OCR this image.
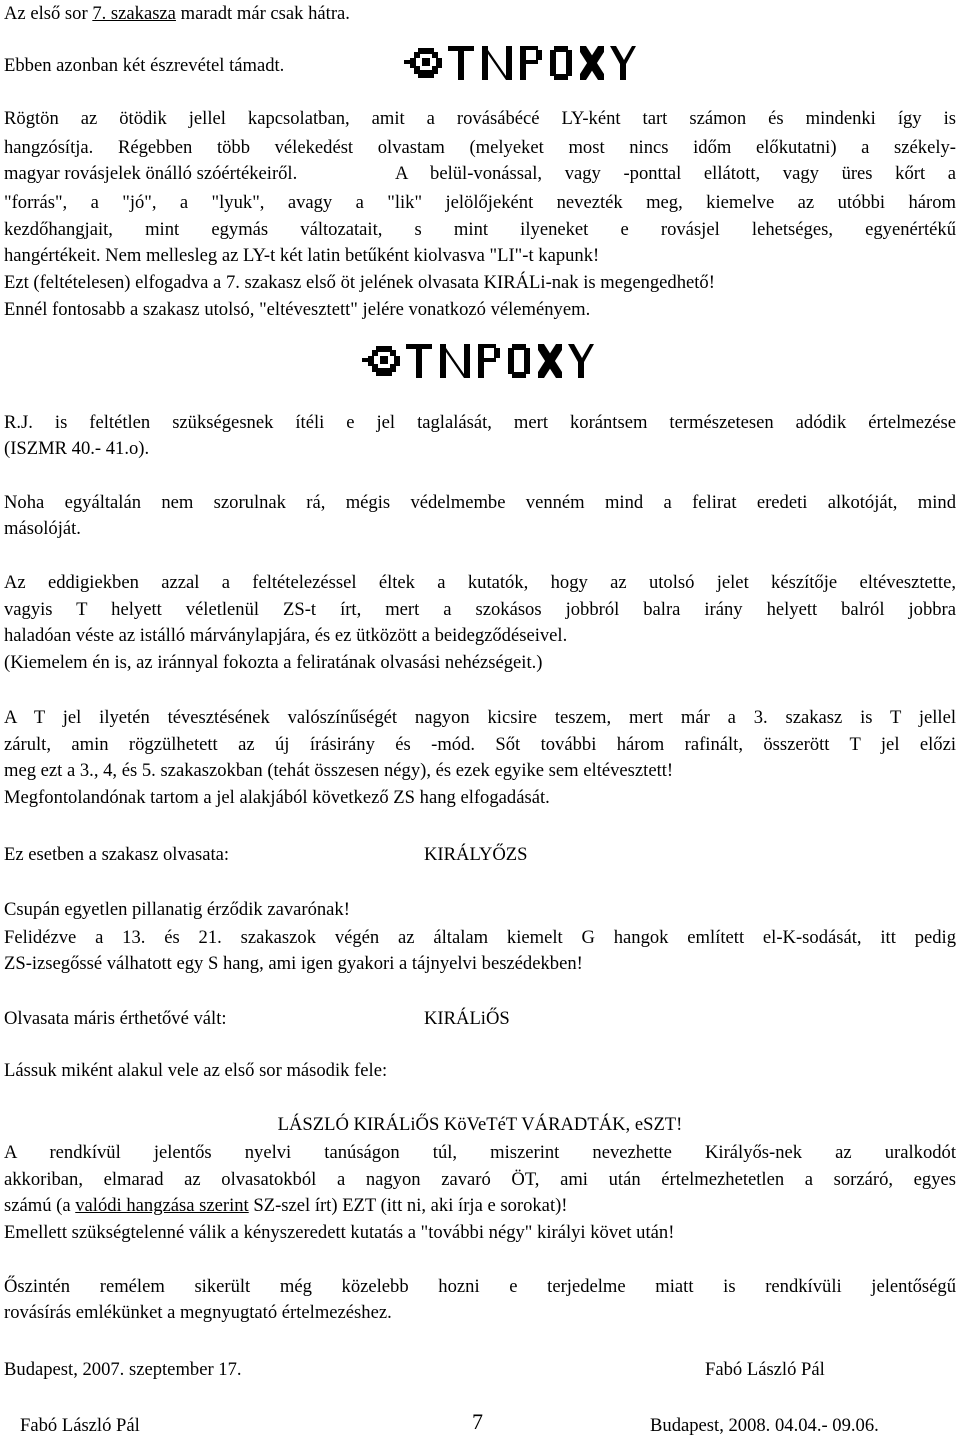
Az első sor 7. szakasza maradt már csak hátra.
Ebben azonban két észrevétel támadt.
Rögtön az ötödik jellel kapcsolatban, amit a rovásábécé LY-ként tart számon és mindenki így is
hangzósítja. Régebben több vélekedést olvastam (melyeket most nincs időm előkutatni) a székely-
magyar rovásjelek önálló szóértékeiről.	A belül-vonással, vagy -ponttal ellátott, vagy üres kőrt a
"forrás", a "jó", a "lyuk", avagy a "lik" jelölőjeként nevezték meg, kiemelve az utóbbi három
kezdőhangjait, mint egymás változatait, s mint ilyeneket e rovásjel lehetséges, egyenértékű
hangértékeit. Nem mellesleg az LY-t két latin betűként kiolvasva "LI"-t kapunk!
Ezt (feltételesen) elfogadva a 7. szakasz első öt jelének olvasata KIRÁLi-nak is megengedhető!
Ennél fontosabb a szakasz utolsó, "eltévesztett" jelére vonatkozó véleményem.
R.J. is feltétlen szükségesnek ítéli e jel taglalását, mert korántsem természetesen adódik értelmezése
(ISZMR 40.- 41.o).
Noha egyáltalán nem szorulnak rá, mégis védelmembe venném mind a felirat eredeti alkotóját, mind
másolóját.
Az eddigiekben azzal a feltételezéssel éltek a kutatók, hogy az utolsó jelet készítője eltévesztette,
vagyis T helyett véletlenül ZS-t írt, mert a szokásos jobbról balra irány helyett balról jobbra
haladóan véste az istálló márványlapjára, és ez ütközött a beidegződéseivel.
(Kiemelem én is, az iránnyal fokozta a feliratának olvasási nehézségeit.)
A T jel ilyetén tévesztésének valószínűségét nagyon kicsire teszem, mert már a 3. szakasz is T jellel
zárult, amin rögzülhetett az új írásirány és -mód. Sőt további három rafinált, összerött T jel előzi
meg ezt a 3., 4, és 5. szakaszokban (tehát összesen négy), és ezek egyike sem eltévesztett!
Megfontolandónak tartom a jel alakjából következő ZS hang elfogadását.
Ez esetben a szakasz olvasata:	KIRÁLYŐZS
Csupán egyetlen pillanatig érződik zavarónak!
Felidézve a 13. és 21. szakaszok végén az általam kiemelt G hangok említett el-K-sodását, itt pedig
ZS-izsegőssé válhatott egy S hang, ami igen gyakori a tájnyelvi beszédekben!
Olvasata máris érthetővé vált:	KIRÁLiŐS
Lássuk miként alakul vele az első sor második fele:
LÁSZLÓ KIRÁLiŐS KöVeTéT VÁRADTÁK, eSZT!
A rendkívül jelentős nyelvi tanúságon túl, miszerint nevezhette Királyős-nek az uralkodót
akkoriban, elmarad az olvasatokból a nagyon zavaró ÖT, ami után értelmezhetetlen a sorzáró, egyes
számú (a valódi hangzása szerint SZ-szel írt) EZT (itt ni, aki írja e sorokat)!
Emellett szükségtelenné válik a kényszeredett kutatás a "további négy" királyi követ után!
Őszintén remélem sikerült még közelebb hozni e terjedelme miatt is rendkívüli jelentőségű
rovásírás emlékünket a megnyugtató értelmezéshez.
Budapest, 2007. szeptember 17.	Fabó László Pál
Fabó László Pál	7	Budapest, 2008. 04.04.- 09.06.
